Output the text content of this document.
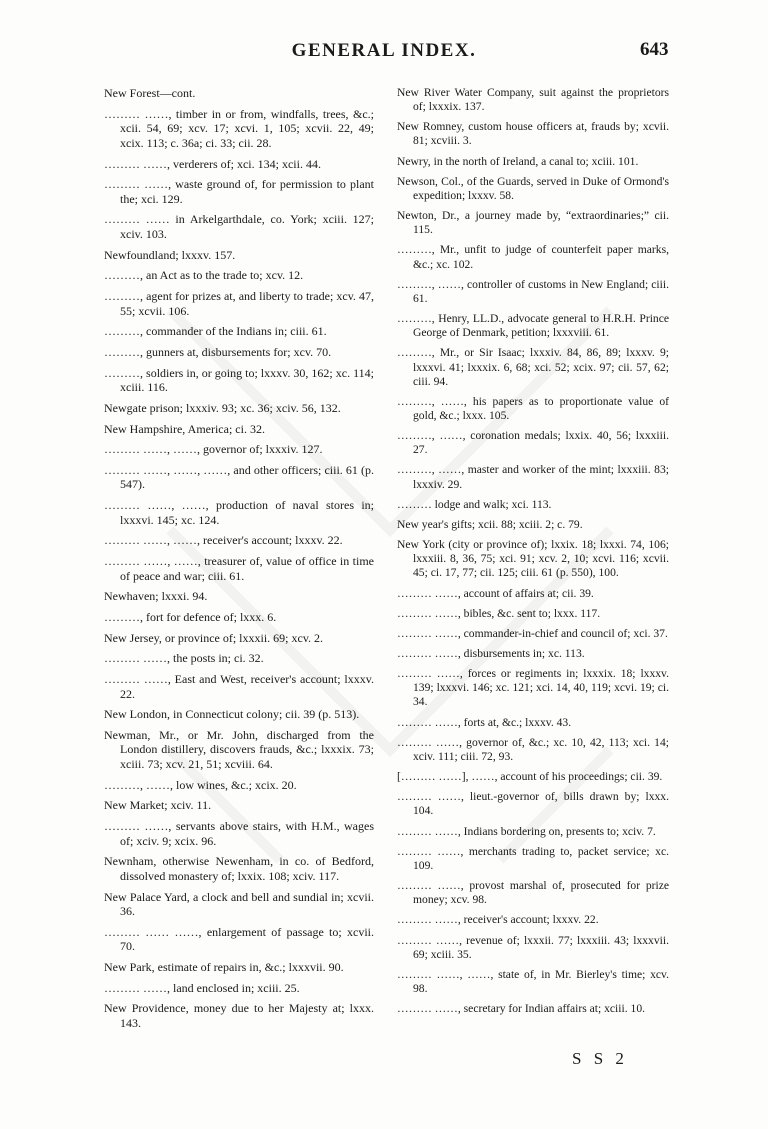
GENERAL INDEX.	643

New Forest—cont.

……… ……, timber in or from, windfalls, trees, &c.; xcii. 54, 69; xcv. 17; xcvi. 1, 105; xcvii. 22, 49; xcix. 113; c. 36a; ci. 33; cii. 28.

……… ……, verderers of; xci. 134; xcii. 44.

……… ……, waste ground of, for permission to plant the; xci. 129.

……… …… in Arkelgarthdale, co. York; xciii. 127; xciv. 103.

Newfoundland; lxxxv. 157.

………, an Act as to the trade to; xcv. 12.

………, agent for prizes at, and liberty to trade; xcv. 47, 55; xcvii. 106.

………, commander of the Indians in; ciii. 61.

………, gunners at, disbursements for; xcv. 70.

………, soldiers in, or going to; lxxxv. 30, 162; xc. 114; xciii. 116.

Newgate prison; lxxxiv. 93; xc. 36; xciv. 56, 132.

New Hampshire, America; ci. 32.

……… ……, ……, governor of; lxxxiv. 127.

……… ……, ……, ……, and other officers; ciii. 61 (p. 547).

……… ……, ……, production of naval stores in; lxxxvi. 145; xc. 124.

……… ……, ……, receiver's account; lxxxv. 22.

……… ……, ……, treasurer of, value of office in time of peace and war; ciii. 61.

Newhaven; lxxxi. 94.

………, fort for defence of; lxxx. 6.

New Jersey, or province of; lxxxii. 69; xcv. 2.

……… ……, the posts in; ci. 32.

……… ……, East and West, receiver's account; lxxxv. 22.

New London, in Connecticut colony; cii. 39 (p. 513).

Newman, Mr., or Mr. John, discharged from the London distillery, discovers frauds, &c.; lxxxix. 73; xciii. 73; xcv. 21, 51; xcviii. 64.

………, ……, low wines, &c.; xcix. 20.

New Market; xciv. 11.

……… ……, servants above stairs, with H.M., wages of; xciv. 9; xcix. 96.

Newnham, otherwise Newenham, in co. of Bedford, dissolved monastery of; lxxix. 108; xciv. 117.

New Palace Yard, a clock and bell and sundial in; xcvii. 36.

……… …… ……, enlargement of passage to; xcvii. 70.

New Park, estimate of repairs in, &c.; lxxxvii. 90.

……… ……, land enclosed in; xciii. 25.

New Providence, money due to her Majesty at; lxxx. 143.

New River Water Company, suit against the proprietors of; lxxxix. 137.

New Romney, custom house officers at, frauds by; xcvii. 81; xcviii. 3.

Newry, in the north of Ireland, a canal to; xciii. 101.

Newson, Col., of the Guards, served in Duke of Ormond's expedition; lxxxv. 58.

Newton, Dr., a journey made by, “extraordinaries;” cii. 115.

………, Mr., unfit to judge of counterfeit paper marks, &c.; xc. 102.

………, ……, controller of customs in New England; ciii. 61.

………, Henry, LL.D., advocate general to H.R.H. Prince George of Denmark, petition; lxxxviii. 61.

………, Mr., or Sir Isaac; lxxxiv. 84, 86, 89; lxxxv. 9; lxxxvi. 41; lxxxix. 6, 68; xci. 52; xcix. 97; cii. 57, 62; ciii. 94.

………, ……, his papers as to proportionate value of gold, &c.; lxxx. 105.

………, ……, coronation medals; lxxix. 40, 56; lxxxiii. 27.

………, ……, master and worker of the mint; lxxxiii. 83; lxxxiv. 29.

……… lodge and walk; xci. 113.

New year's gifts; xcii. 88; xciii. 2; c. 79.

New York (city or province of); lxxix. 18; lxxxi. 74, 106; lxxxiii. 8, 36, 75; xci. 91; xcv. 2, 10; xcvi. 116; xcvii. 45; ci. 17, 77; cii. 125; ciii. 61 (p. 550), 100.

……… ……, account of affairs at; cii. 39.

……… ……, bibles, &c. sent to; lxxx. 117.

……… ……, commander-in-chief and council of; xci. 37.

……… ……, disbursements in; xc. 113.

……… ……, forces or regiments in; lxxxix. 18; lxxxv. 139; lxxxvi. 146; xc. 121; xci. 14, 40, 119; xcvi. 19; ci. 34.

……… ……, forts at, &c.; lxxxv. 43.

……… ……, governor of, &c.; xc. 10, 42, 113; xci. 14; xciv. 111; ciii. 72, 93.

[……… ……], ……, account of his proceedings; cii. 39.

……… ……, lieut.-governor of, bills drawn by; lxxx. 104.

……… ……, Indians bordering on, presents to; xciv. 7.

……… ……, merchants trading to, packet service; xc. 109.

……… ……, provost marshal of, prosecuted for prize money; xcv. 98.

……… ……, receiver's account; lxxxv. 22.

……… ……, revenue of; lxxxii. 77; lxxxiii. 43; lxxxvii. 69; xciii. 35.

……… ……, ……, state of, in Mr. Bierley's time; xcv. 98.

……… ……, secretary for Indian affairs at; xciii. 10.

S S 2
